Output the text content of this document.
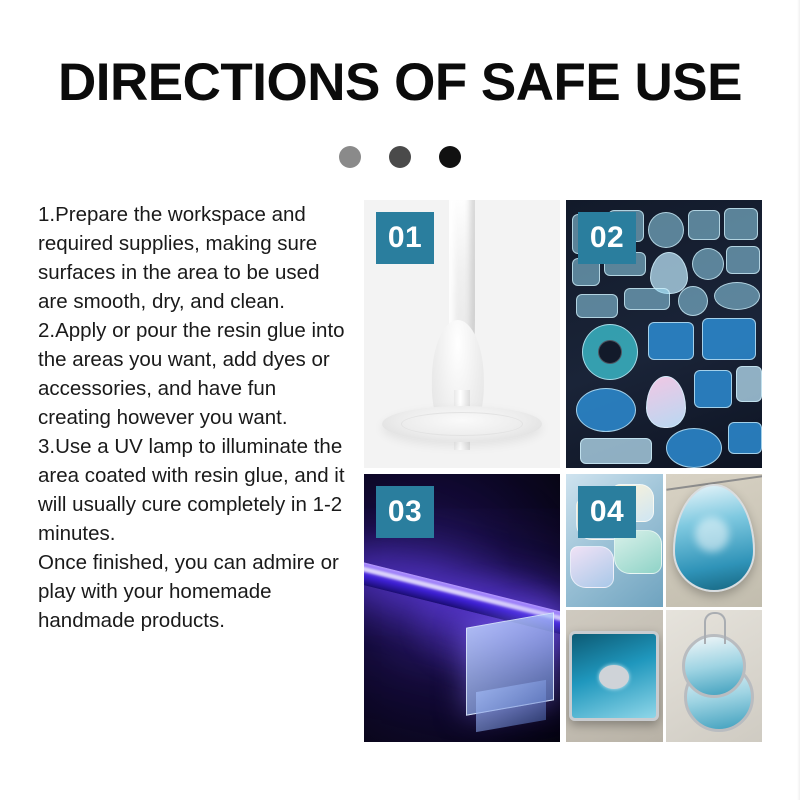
DIRECTIONS OF SAFE USE

1.Prepare the workspace and required supplies, making sure surfaces in the area to be used are smooth, dry, and clean.

2.Apply or pour the resin glue into the areas you want, add dyes or accessories, and have fun creating however you want.

3.Use a UV lamp to illuminate the area coated with resin glue, and it will usually cure completely in 1-2 minutes.

Once finished, you can admire or play with your homemade handmade products.

01	02
03	04
